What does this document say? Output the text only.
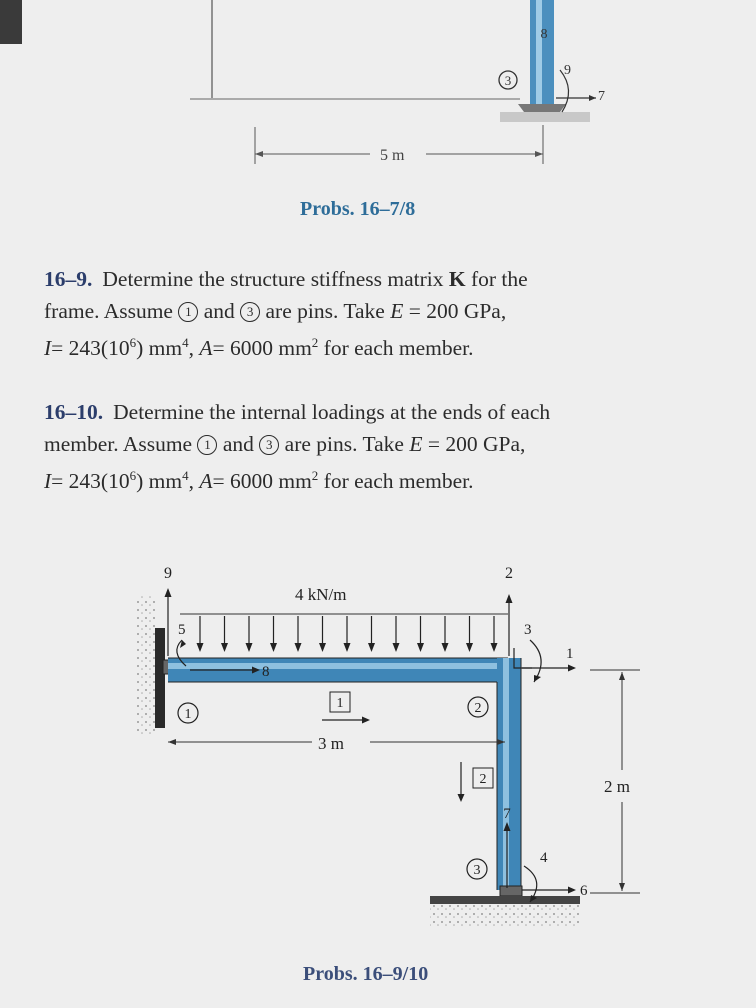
3
8
9
7
5 m
Probs. 16–7/8
16–9. Determine the structure stiffness matrix K for the
frame. Assume 1 and 3 are pins. Take E = 200 GPa,
$I= 243(10^6)$ $mm^4$, A= 6000 $mm^2$ for each member.
16–10. Determine the internal loadings at the ends of each
member. Assume 1 and 3 are pins. Take E = 200 GPa,
$I= 243(10^6)$ $mm^4$, A= 6000 $mm^2$ for each member.
4 kN/m
9
5
8
1
1	2
2
3
1
2
7
4
6
3
3 m
2 m
Probs. 16–9/10
